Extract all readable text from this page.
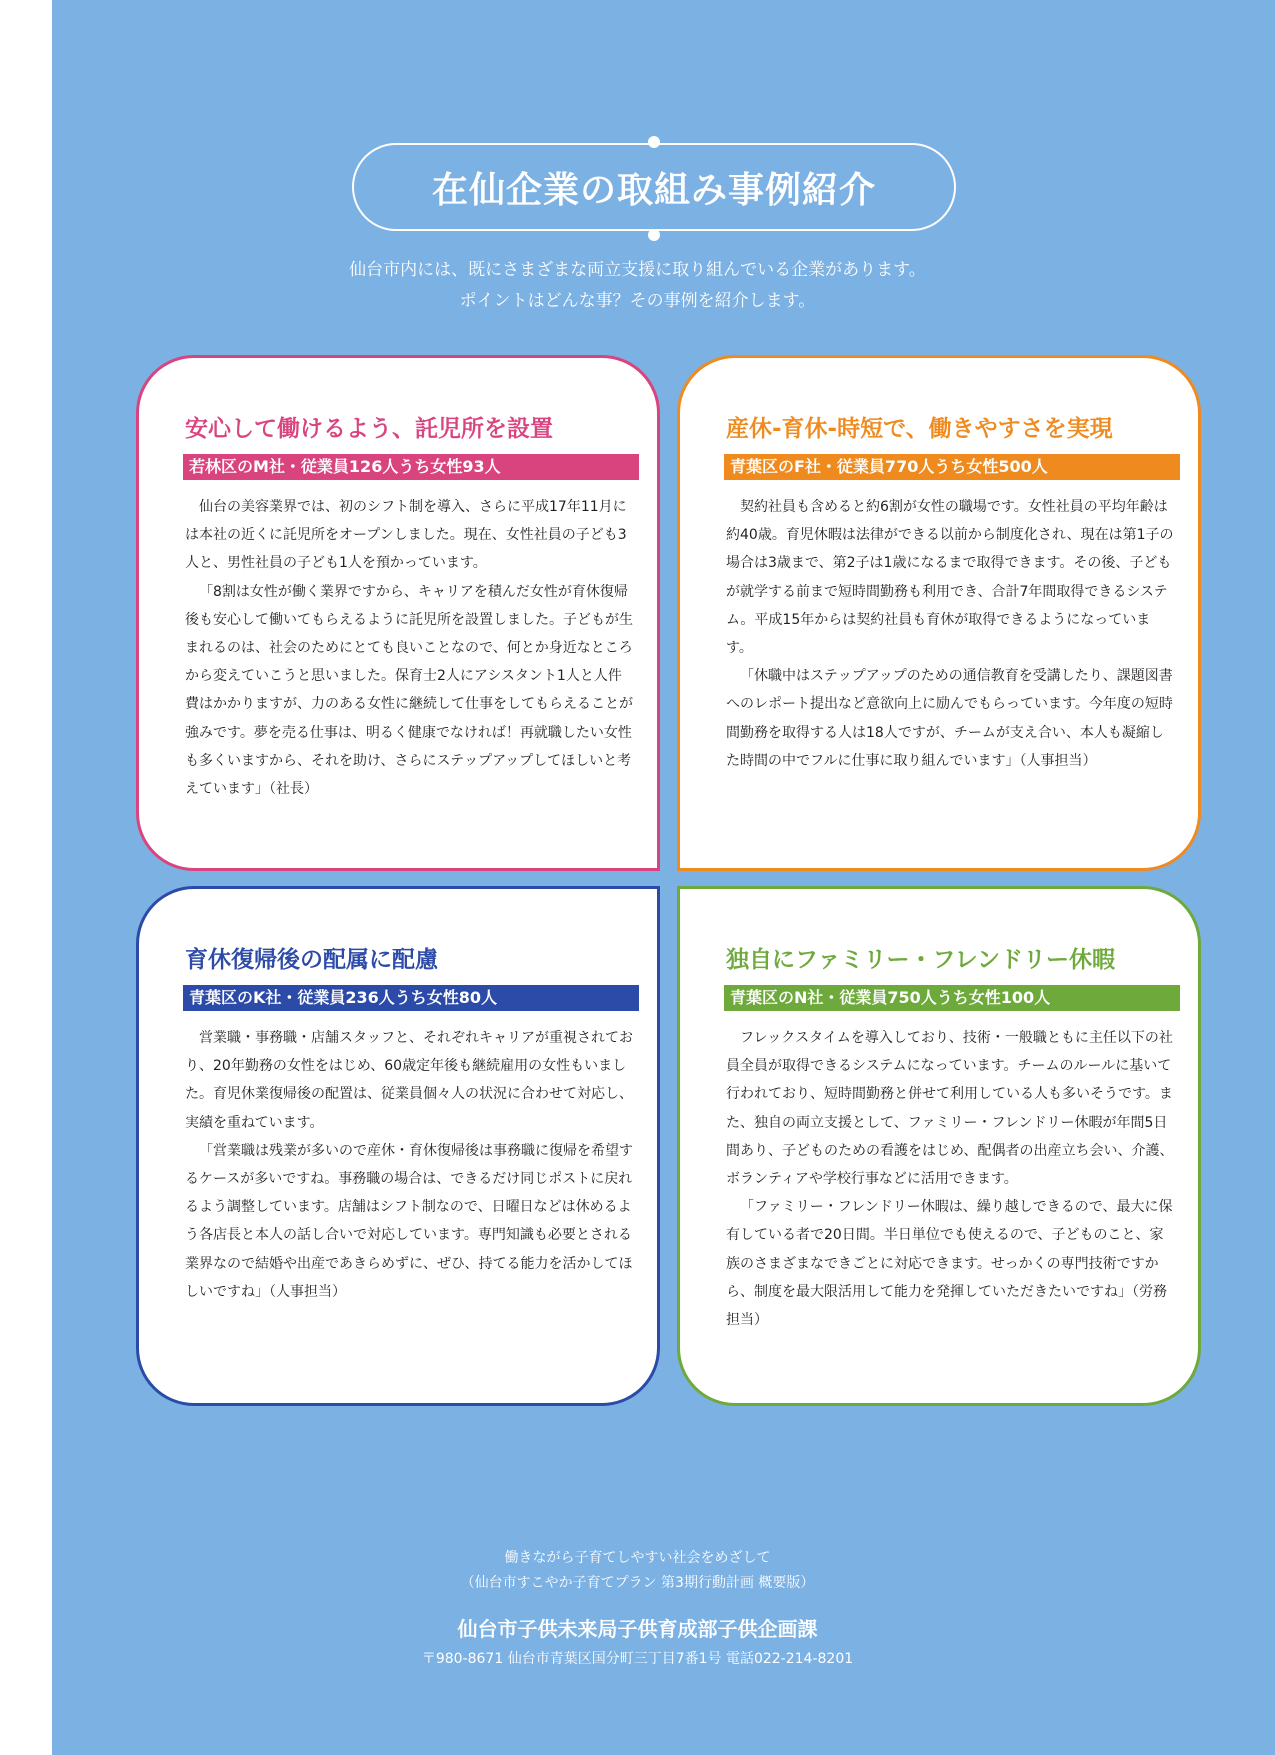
在仙企業の取組み事例紹介
仙台市内には、既にさまざまな両立支援に取り組んでいる企業があります。
ポイントはどんな事？その事例を紹介します。
安心して働けるよう、託児所を設置
若林区のM社・従業員126人うち女性93人

仙台の美容業界では、初のシフト制を導入、さらに平成17年11月には本社の近くに託児所をオープンしました。現在、女性社員の子ども3人と、男性社員の子ども1人を預かっています。

「8割は女性が働く業界ですから、キャリアを積んだ女性が育休復帰後も安心して働いてもらえるように託児所を設置しました。子どもが生まれるのは、社会のためにとても良いことなので、何とか身近なところから変えていこうと思いました。保育士2人にアシスタント1人と人件費はかかりますが、力のある女性に継続して仕事をしてもらえることが強みです。夢を売る仕事は、明るく健康でなければ！再就職したい女性も多くいますから、それを助け、さらにステップアップしてほしいと考えています」（社長）

産休-育休-時短で、働きやすさを実現
青葉区のF社・従業員770人うち女性500人

契約社員も含めると約6割が女性の職場です。女性社員の平均年齢は約40歳。育児休暇は法律ができる以前から制度化され、現在は第1子の場合は3歳まで、第2子は1歳になるまで取得できます。その後、子どもが就学する前まで短時間勤務も利用でき、合計7年間取得できるシステム。平成15年からは契約社員も育休が取得できるようになっています。

「休職中はステップアップのための通信教育を受講したり、課題図書へのレポート提出など意欲向上に励んでもらっています。今年度の短時間勤務を取得する人は18人ですが、チームが支え合い、本人も凝縮した時間の中でフルに仕事に取り組んでいます」（人事担当）

育休復帰後の配属に配慮
青葉区のK社・従業員236人うち女性80人

営業職・事務職・店舗スタッフと、それぞれキャリアが重視されており、20年勤務の女性をはじめ、60歳定年後も継続雇用の女性もいました。育児休業復帰後の配置は、従業員個々人の状況に合わせて対応し、実績を重ねています。

「営業職は残業が多いので産休・育休復帰後は事務職に復帰を希望するケースが多いですね。事務職の場合は、できるだけ同じポストに戻れるよう調整しています。店舗はシフト制なので、日曜日などは休めるよう各店長と本人の話し合いで対応しています。専門知識も必要とされる業界なので結婚や出産であきらめずに、ぜひ、持てる能力を活かしてほしいですね」（人事担当）

独自にファミリー・フレンドリー休暇
青葉区のN社・従業員750人うち女性100人

フレックスタイムを導入しており、技術・一般職ともに主任以下の社員全員が取得できるシステムになっています。チームのルールに基いて行われており、短時間勤務と併せて利用している人も多いそうです。また、独自の両立支援として、ファミリー・フレンドリー休暇が年間5日間あり、子どものための看護をはじめ、配偶者の出産立ち会い、介護、ボランティアや学校行事などに活用できます。

「ファミリー・フレンドリー休暇は、繰り越しできるので、最大に保有している者で20日間。半日単位でも使えるので、子どものこと、家族のさまざまなできごとに対応できます。せっかくの専門技術ですから、制度を最大限活用して能力を発揮していただきたいですね」（労務担当）

働きながら子育てしやすい社会をめざして
（仙台市すこやか子育てプラン 第3期行動計画 概要版）
仙台市子供未来局子供育成部子供企画課
〒980-8671 仙台市青葉区国分町三丁目7番1号 電話022-214-8201
